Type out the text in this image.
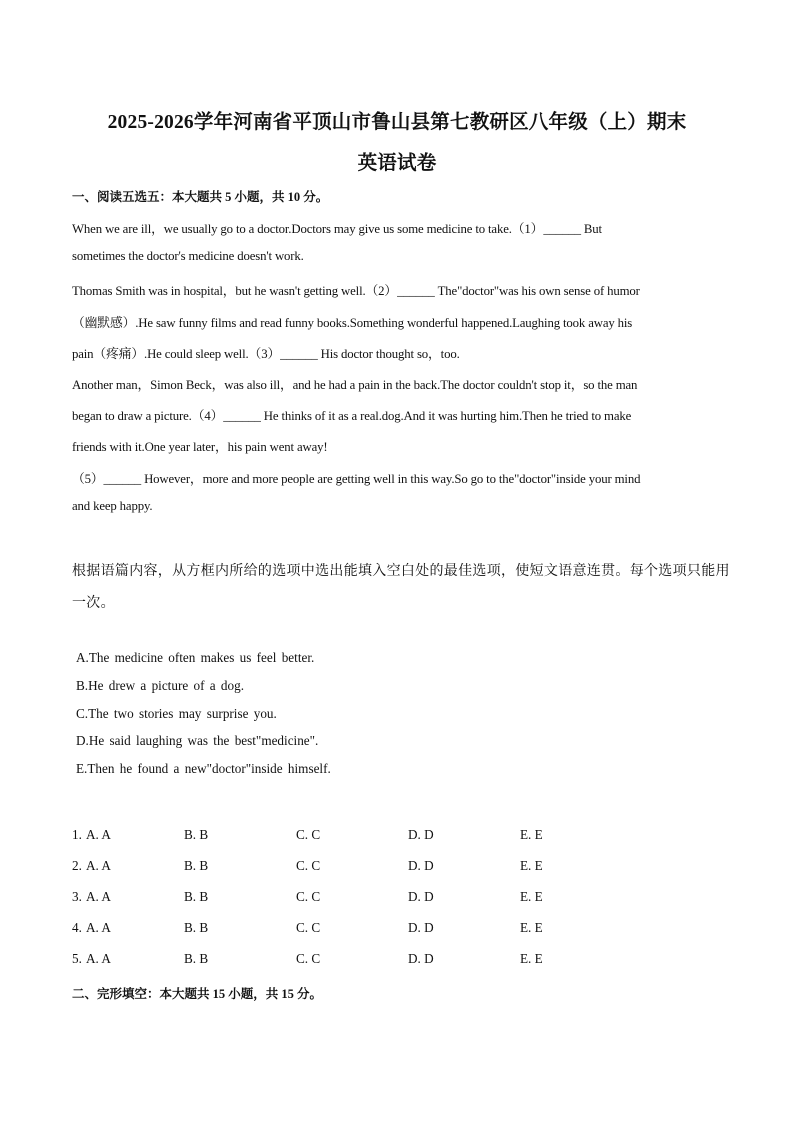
2025-2026学年河南省平顶山市鲁山县第七教研区八年级（上）期末
英语试卷
一、阅读五选五：本大题共 5 小题，共 10 分。
When we are ill，we usually go to a doctor.Doctors may give us some medicine to take.（1）______ But
sometimes the doctor's medicine doesn't work.
Thomas Smith was in hospital，but he wasn't getting well.（2）______ The"doctor"was his own sense of humor
（幽默感）.He saw funny films and read funny books.Something wonderful happened.Laughing took away his
pain（疼痛）.He could sleep well.（3）______ His doctor thought so，too.
Another man，Simon Beck，was also ill，and he had a pain in the back.The doctor couldn't stop it，so the man
began to draw a picture.（4）______ He thinks of it as a real.dog.And it was hurting him.Then he tried to make
friends with it.One year later，his pain went away!
（5）______ However，more and more people are getting well in this way.So go to the"doctor"inside your mind
and keep happy.
根据语篇内容，从方框内所给的选项中选出能填入空白处的最佳选项，使短文语意连贯。每个选项只能用
一次。
A.The medicine often makes us feel better.
B.He drew a picture of a dog.
C.The two stories may surprise you.
D.He said laughing was the best"medicine".
E.Then he found a new"doctor"inside himself.
1. A. A	B. B	C. C	D. D	E. E
2. A. A	B. B	C. C	D. D	E. E
3. A. A	B. B	C. C	D. D	E. E
4. A. A	B. B	C. C	D. D	E. E
5. A. A	B. B	C. C	D. D	E. E
二、完形填空：本大题共 15 小题，共 15 分。
